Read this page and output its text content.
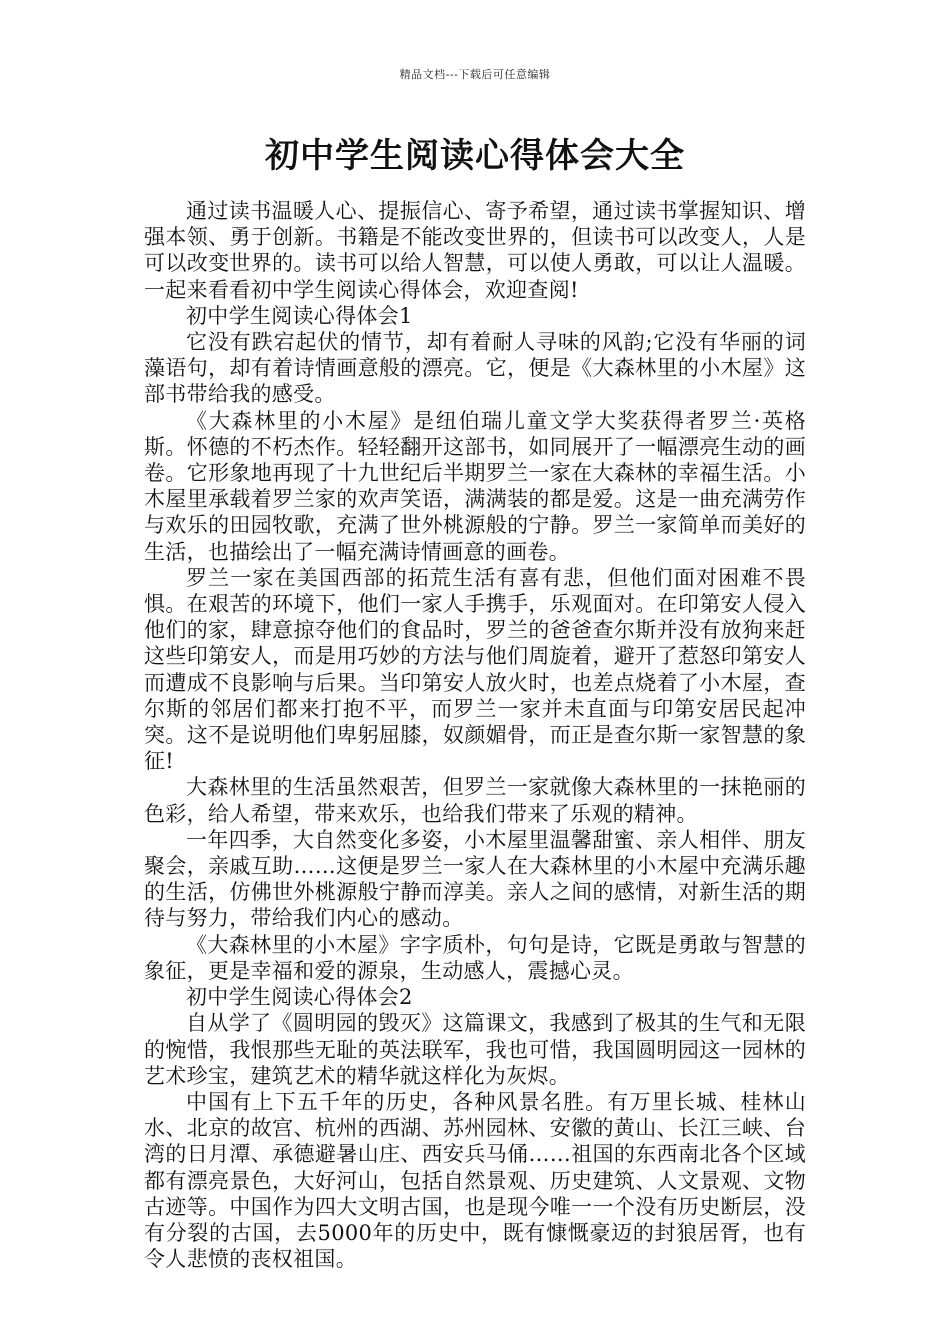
精品文档---下载后可任意编辑
初中学生阅读心得体会大全

通过读书温暖人心、提振信心、寄予希望，通过读书掌握知识、增强本领、勇于创新。书籍是不能改变世界的，但读书可以改变人，人是可以改变世界的。读书可以给人智慧，可以使人勇敢，可以让人温暖。一起来看看初中学生阅读心得体会，欢迎查阅!

初中学生阅读心得体会1

它没有跌宕起伏的情节，却有着耐人寻味的风韵;它没有华丽的词藻语句，却有着诗情画意般的漂亮。它，便是《大森林里的小木屋》这部书带给我的感受。

《大森林里的小木屋》是纽伯瑞儿童文学大奖获得者罗兰·英格斯。怀德的不朽杰作。轻轻翻开这部书，如同展开了一幅漂亮生动的画卷。它形象地再现了十九世纪后半期罗兰一家在大森林的幸福生活。小木屋里承载着罗兰家的欢声笑语，满满装的都是爱。这是一曲充满劳作与欢乐的田园牧歌，充满了世外桃源般的宁静。罗兰一家简单而美好的生活，也描绘出了一幅充满诗情画意的画卷。

罗兰一家在美国西部的拓荒生活有喜有悲，但他们面对困难不畏惧。在艰苦的环境下，他们一家人手携手，乐观面对。在印第安人侵入他们的家，肆意掠夺他们的食品时，罗兰的爸爸查尔斯并没有放狗来赶这些印第安人，而是用巧妙的方法与他们周旋着，避开了惹怒印第安人而遭成不良影响与后果。当印第安人放火时，也差点烧着了小木屋，查尔斯的邻居们都来打抱不平，而罗兰一家并未直面与印第安居民起冲突。这不是说明他们卑躬屈膝，奴颜媚骨，而正是查尔斯一家智慧的象征!

大森林里的生活虽然艰苦，但罗兰一家就像大森林里的一抹艳丽的色彩，给人希望，带来欢乐，也给我们带来了乐观的精神。

一年四季，大自然变化多姿，小木屋里温馨甜蜜、亲人相伴、朋友聚会，亲戚互助……这便是罗兰一家人在大森林里的小木屋中充满乐趣的生活，仿佛世外桃源般宁静而淳美。亲人之间的感情，对新生活的期待与努力，带给我们内心的感动。

《大森林里的小木屋》字字质朴，句句是诗，它既是勇敢与智慧的象征，更是幸福和爱的源泉，生动感人，震撼心灵。

初中学生阅读心得体会2

自从学了《圆明园的毁灭》这篇课文，我感到了极其的生气和无限的惋惜，我恨那些无耻的英法联军，我也可惜，我国圆明园这一园林的艺术珍宝，建筑艺术的精华就这样化为灰烬。

中国有上下五千年的历史，各种风景名胜。有万里长城、桂林山水、北京的故宫、杭州的西湖、苏州园林、安徽的黄山、长江三峡、台湾的日月潭、承德避暑山庄、西安兵马俑……祖国的东西南北各个区域都有漂亮景色，大好河山，包括自然景观、历史建筑、人文景观、文物古迹等。中国作为四大文明古国，也是现今唯一一个没有历史断层，没有分裂的古国，去5000年的历史中，既有慷慨豪迈的封狼居胥，也有令人悲愤的丧权祖国。
